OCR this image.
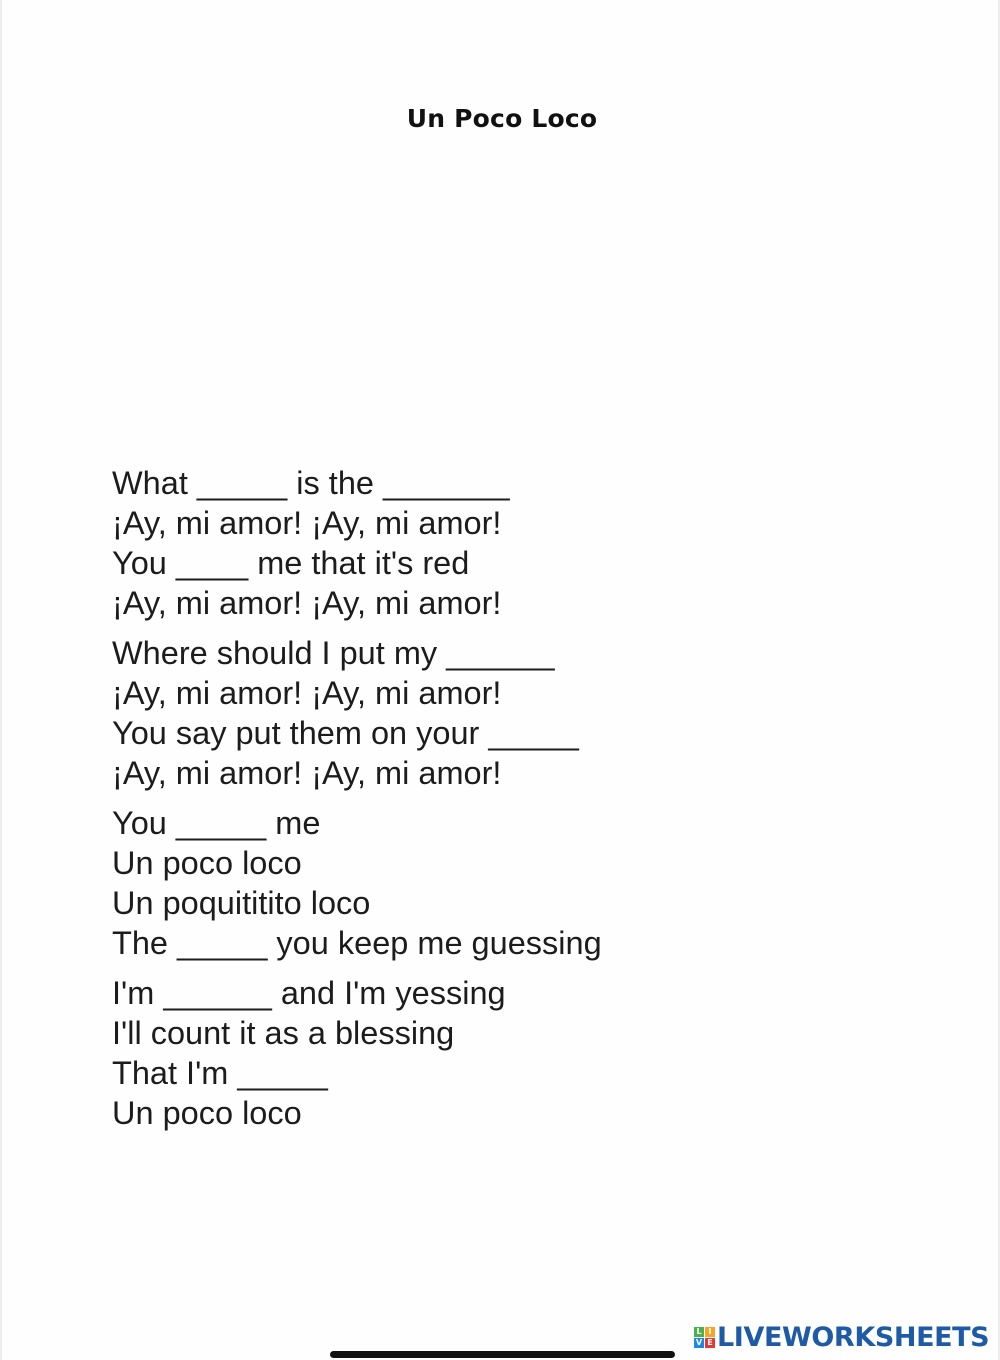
Un Poco Loco
What _____ is the _______
¡Ay, mi amor! ¡Ay, mi amor!
You ____ me that it's red
¡Ay, mi amor! ¡Ay, mi amor!
Where should I put my ______
¡Ay, mi amor! ¡Ay, mi amor!
You say put them on your _____
¡Ay, mi amor! ¡Ay, mi amor!
You _____ me
Un poco loco
Un poquititito loco
The _____ you keep me guessing
I'm ______ and I'm yessing
I'll count it as a blessing
That I'm _____
Un poco loco
L I
V E LIVEWORKSHEETS
